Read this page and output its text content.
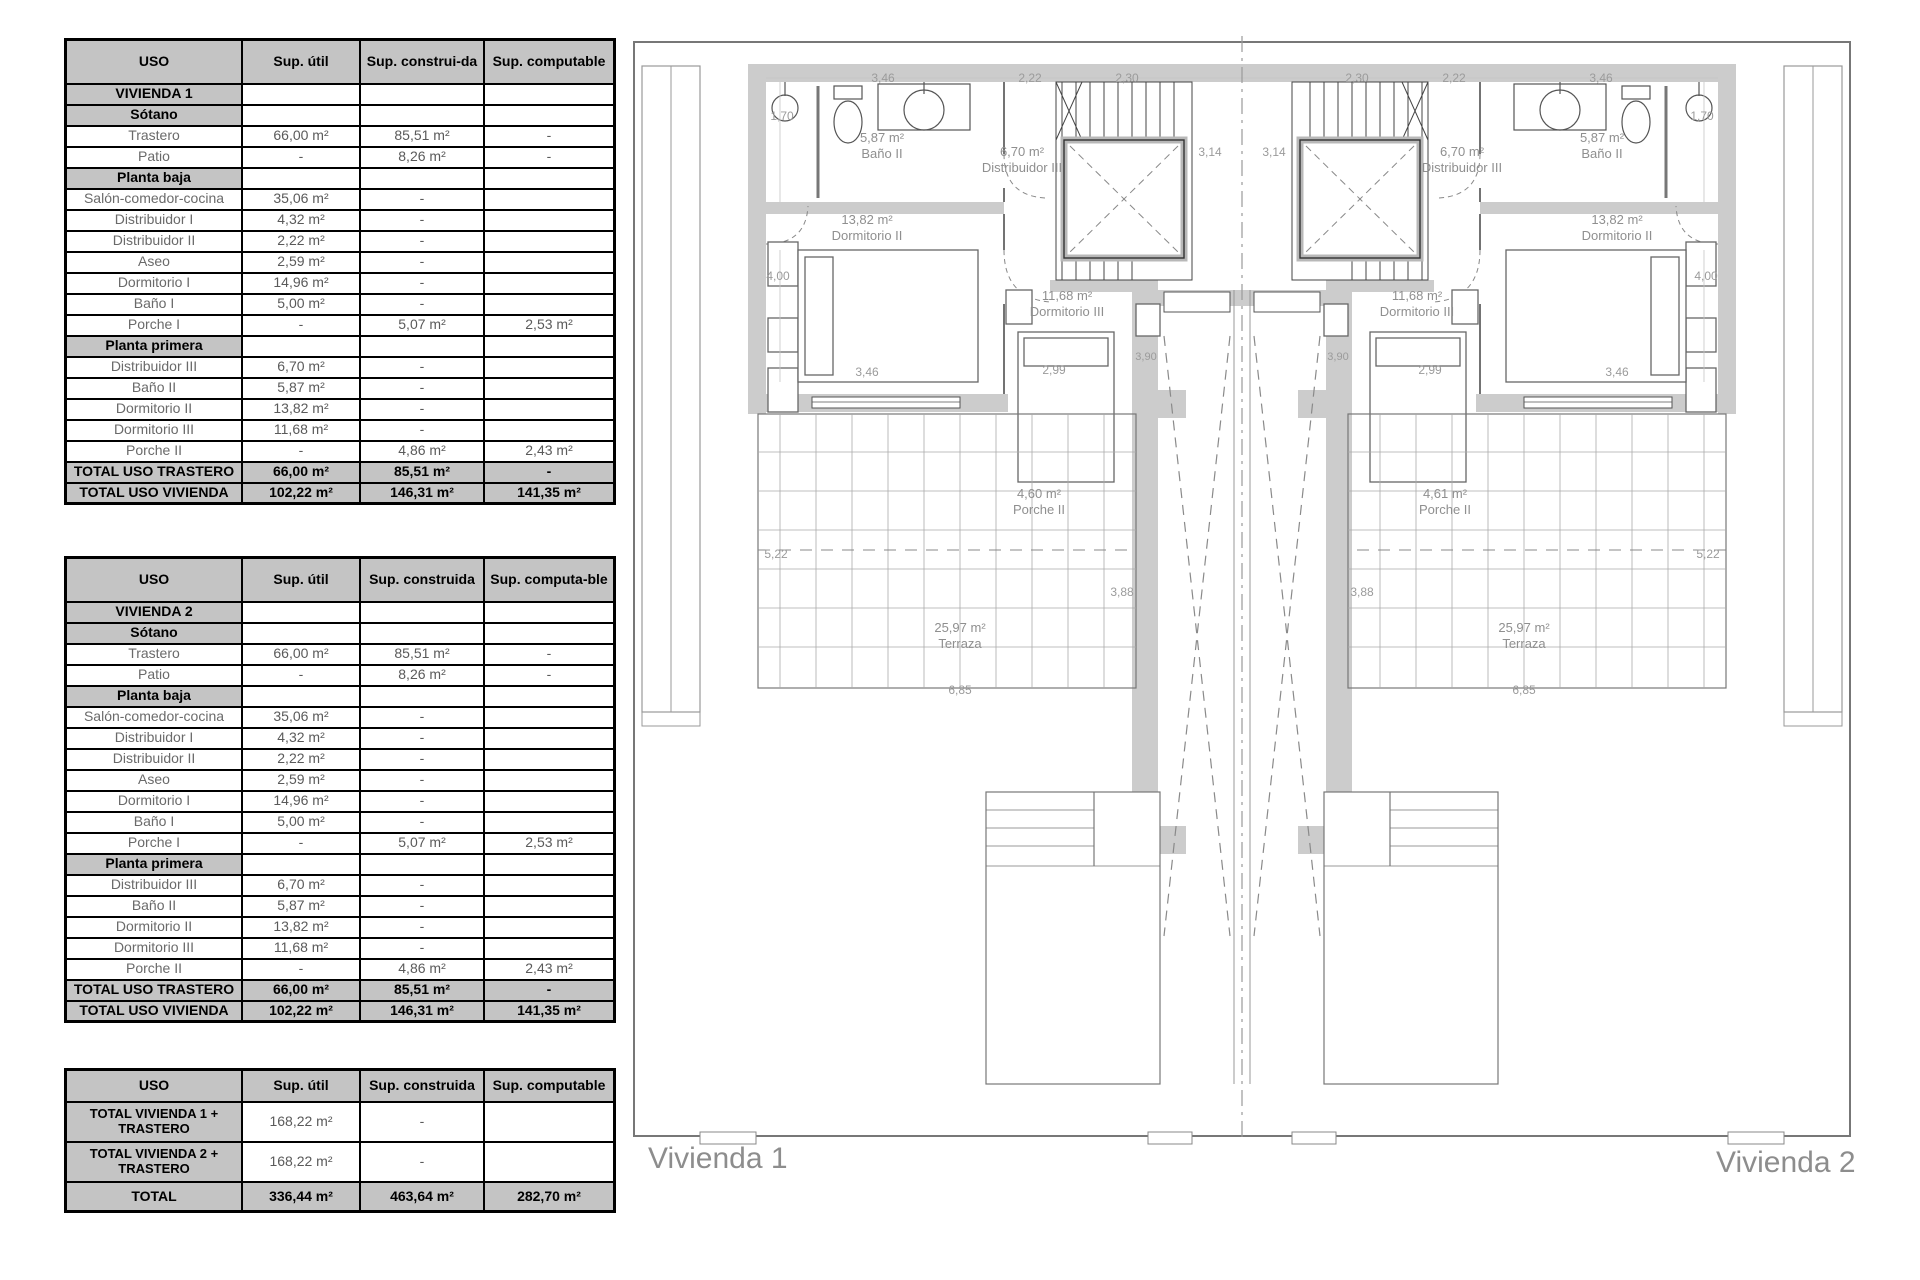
USO	Sup. útil	Sup. construi-da	Sup. computable
VIVIENDA 1			
Sótano			
Trastero	66,00 m²	85,51 m²	-
Patio	-	8,26 m²	-
Planta baja			
Salón-comedor-cocina	35,06 m²	-	
Distribuidor I	4,32 m²	-	
Distribuidor II	2,22 m²	-	
Aseo	2,59 m²	-	
Dormitorio I	14,96 m²	-	
Baño I	5,00 m²	-	
Porche I	-	5,07 m²	2,53 m²
Planta primera			
Distribuidor III	6,70 m²	-	
Baño II	5,87 m²	-	
Dormitorio II	13,82 m²	-	
Dormitorio III	11,68 m²	-	
Porche II	-	4,86 m²	2,43 m²
TOTAL USO TRASTERO	66,00 m²	85,51 m²	-
TOTAL USO VIVIENDA	102,22 m²	146,31 m²	141,35 m²
USO	Sup. útil	Sup. construida	Sup. computa-ble
VIVIENDA 2			
Sótano			
Trastero	66,00 m²	85,51 m²	-
Patio	-	8,26 m²	-
Planta baja			
Salón-comedor-cocina	35,06 m²	-	
Distribuidor I	4,32 m²	-	
Distribuidor II	2,22 m²	-	
Aseo	2,59 m²	-	
Dormitorio I	14,96 m²	-	
Baño I	5,00 m²	-	
Porche I	-	5,07 m²	2,53 m²
Planta primera			
Distribuidor III	6,70 m²	-	
Baño II	5,87 m²	-	
Dormitorio II	13,82 m²	-	
Dormitorio III	11,68 m²	-	
Porche II	-	4,86 m²	2,43 m²
TOTAL USO TRASTERO	66,00 m²	85,51 m²	-
TOTAL USO VIVIENDA	102,22 m²	146,31 m²	141,35 m²
USO	Sup. útil	Sup. construida	Sup. computable
TOTAL VIVIENDA 1 + TRASTERO	168,22 m²	-	
TOTAL VIVIENDA 2 + TRASTERO	168,22 m²	-	
TOTAL	336,44 m²	463,64 m²	282,70 m²
5,87 m²
Baño II	6,70 m²
Distribuidor III
13,82 m²
Dormitorio II
11,68 m²
Dormitorio III
4,60 m²
Porche II
25,97 m²
Terraza
1,70
3,46	2,22	2,30
3,14
4,00
3,46	2,99
3,90
5,22
3,88
6,85
5,87 m²
Baño II
6,70 m²
Distribuidor III
13,82 m²
Dormitorio II
11,68 m²
Dormitorio III
4,61 m²
Porche II
25,97 m²
Terraza
1,70
3,46
2,22
2,30
3,14
4,00
3,46
2,99
3,90
5,22
3,88
6,85
Vivienda 1	Vivienda 2
